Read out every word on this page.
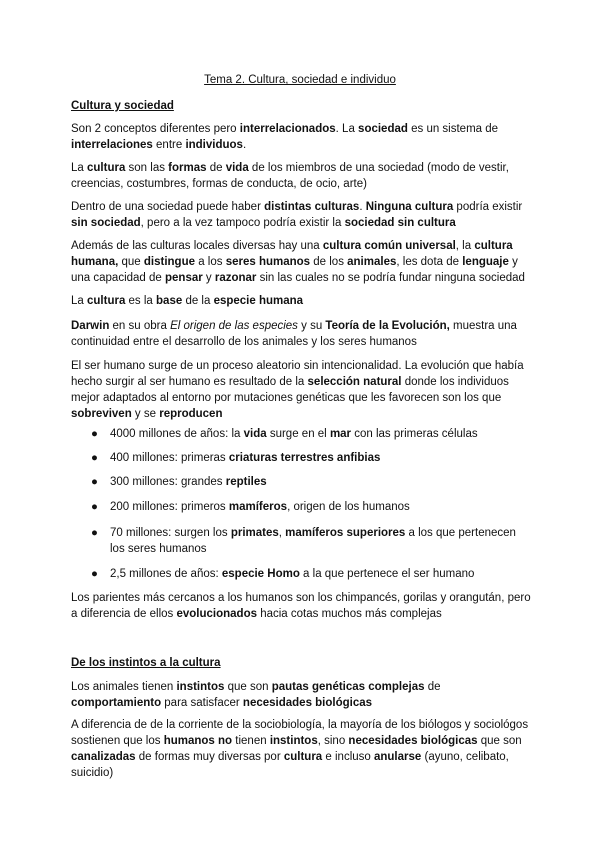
Tema 2. Cultura, sociedad e individuo

Cultura y sociedad

Son 2 conceptos diferentes pero interrelacionados. La sociedad es un sistema de interrelaciones entre individuos.

La cultura son las formas de vida de los miembros de una sociedad (modo de vestir, creencias, costumbres, formas de conducta, de ocio, arte)

Dentro de una sociedad puede haber distintas culturas. Ninguna cultura podría existir sin sociedad, pero a la vez tampoco podría existir la sociedad sin cultura

Además de las culturas locales diversas hay una cultura común universal, la cultura humana, que distingue a los seres humanos de los animales, les dota de lenguaje y una capacidad de pensar y razonar sin las cuales no se podría fundar ninguna sociedad

La cultura es la base de la especie humana

Darwin en su obra El origen de las especies y su Teoría de la Evolución, muestra una continuidad entre el desarrollo de los animales y los seres humanos

El ser humano surge de un proceso aleatorio sin intencionalidad. La evolución que había hecho surgir al ser humano es resultado de la selección natural donde los individuos mejor adaptados al entorno por mutaciones genéticas que les favorecen son los que sobreviven y se reproducen

● 4000 millones de años: la vida surge en el mar con las primeras células
● 400 millones: primeras criaturas terrestres anfibias
● 300 millones: grandes reptiles
● 200 millones: primeros mamíferos, origen de los humanos
● 70 millones: surgen los primates, mamíferos superiores a los que pertenecen los seres humanos
● 2,5 millones de años: especie Homo a la que pertenece el ser humano

Los parientes más cercanos a los humanos son los chimpancés, gorilas y orangután, pero a diferencia de ellos evolucionados hacia cotas muchos más complejas

De los instintos a la cultura

Los animales tienen instintos que son pautas genéticas complejas de comportamiento para satisfacer necesidades biológicas

A diferencia de de la corriente de la sociobiología, la mayoría de los biólogos y sociológos sostienen que los humanos no tienen instintos, sino necesidades biológicas que son canalizadas de formas muy diversas por cultura e incluso anularse (ayuno, celibato, suicidio)
